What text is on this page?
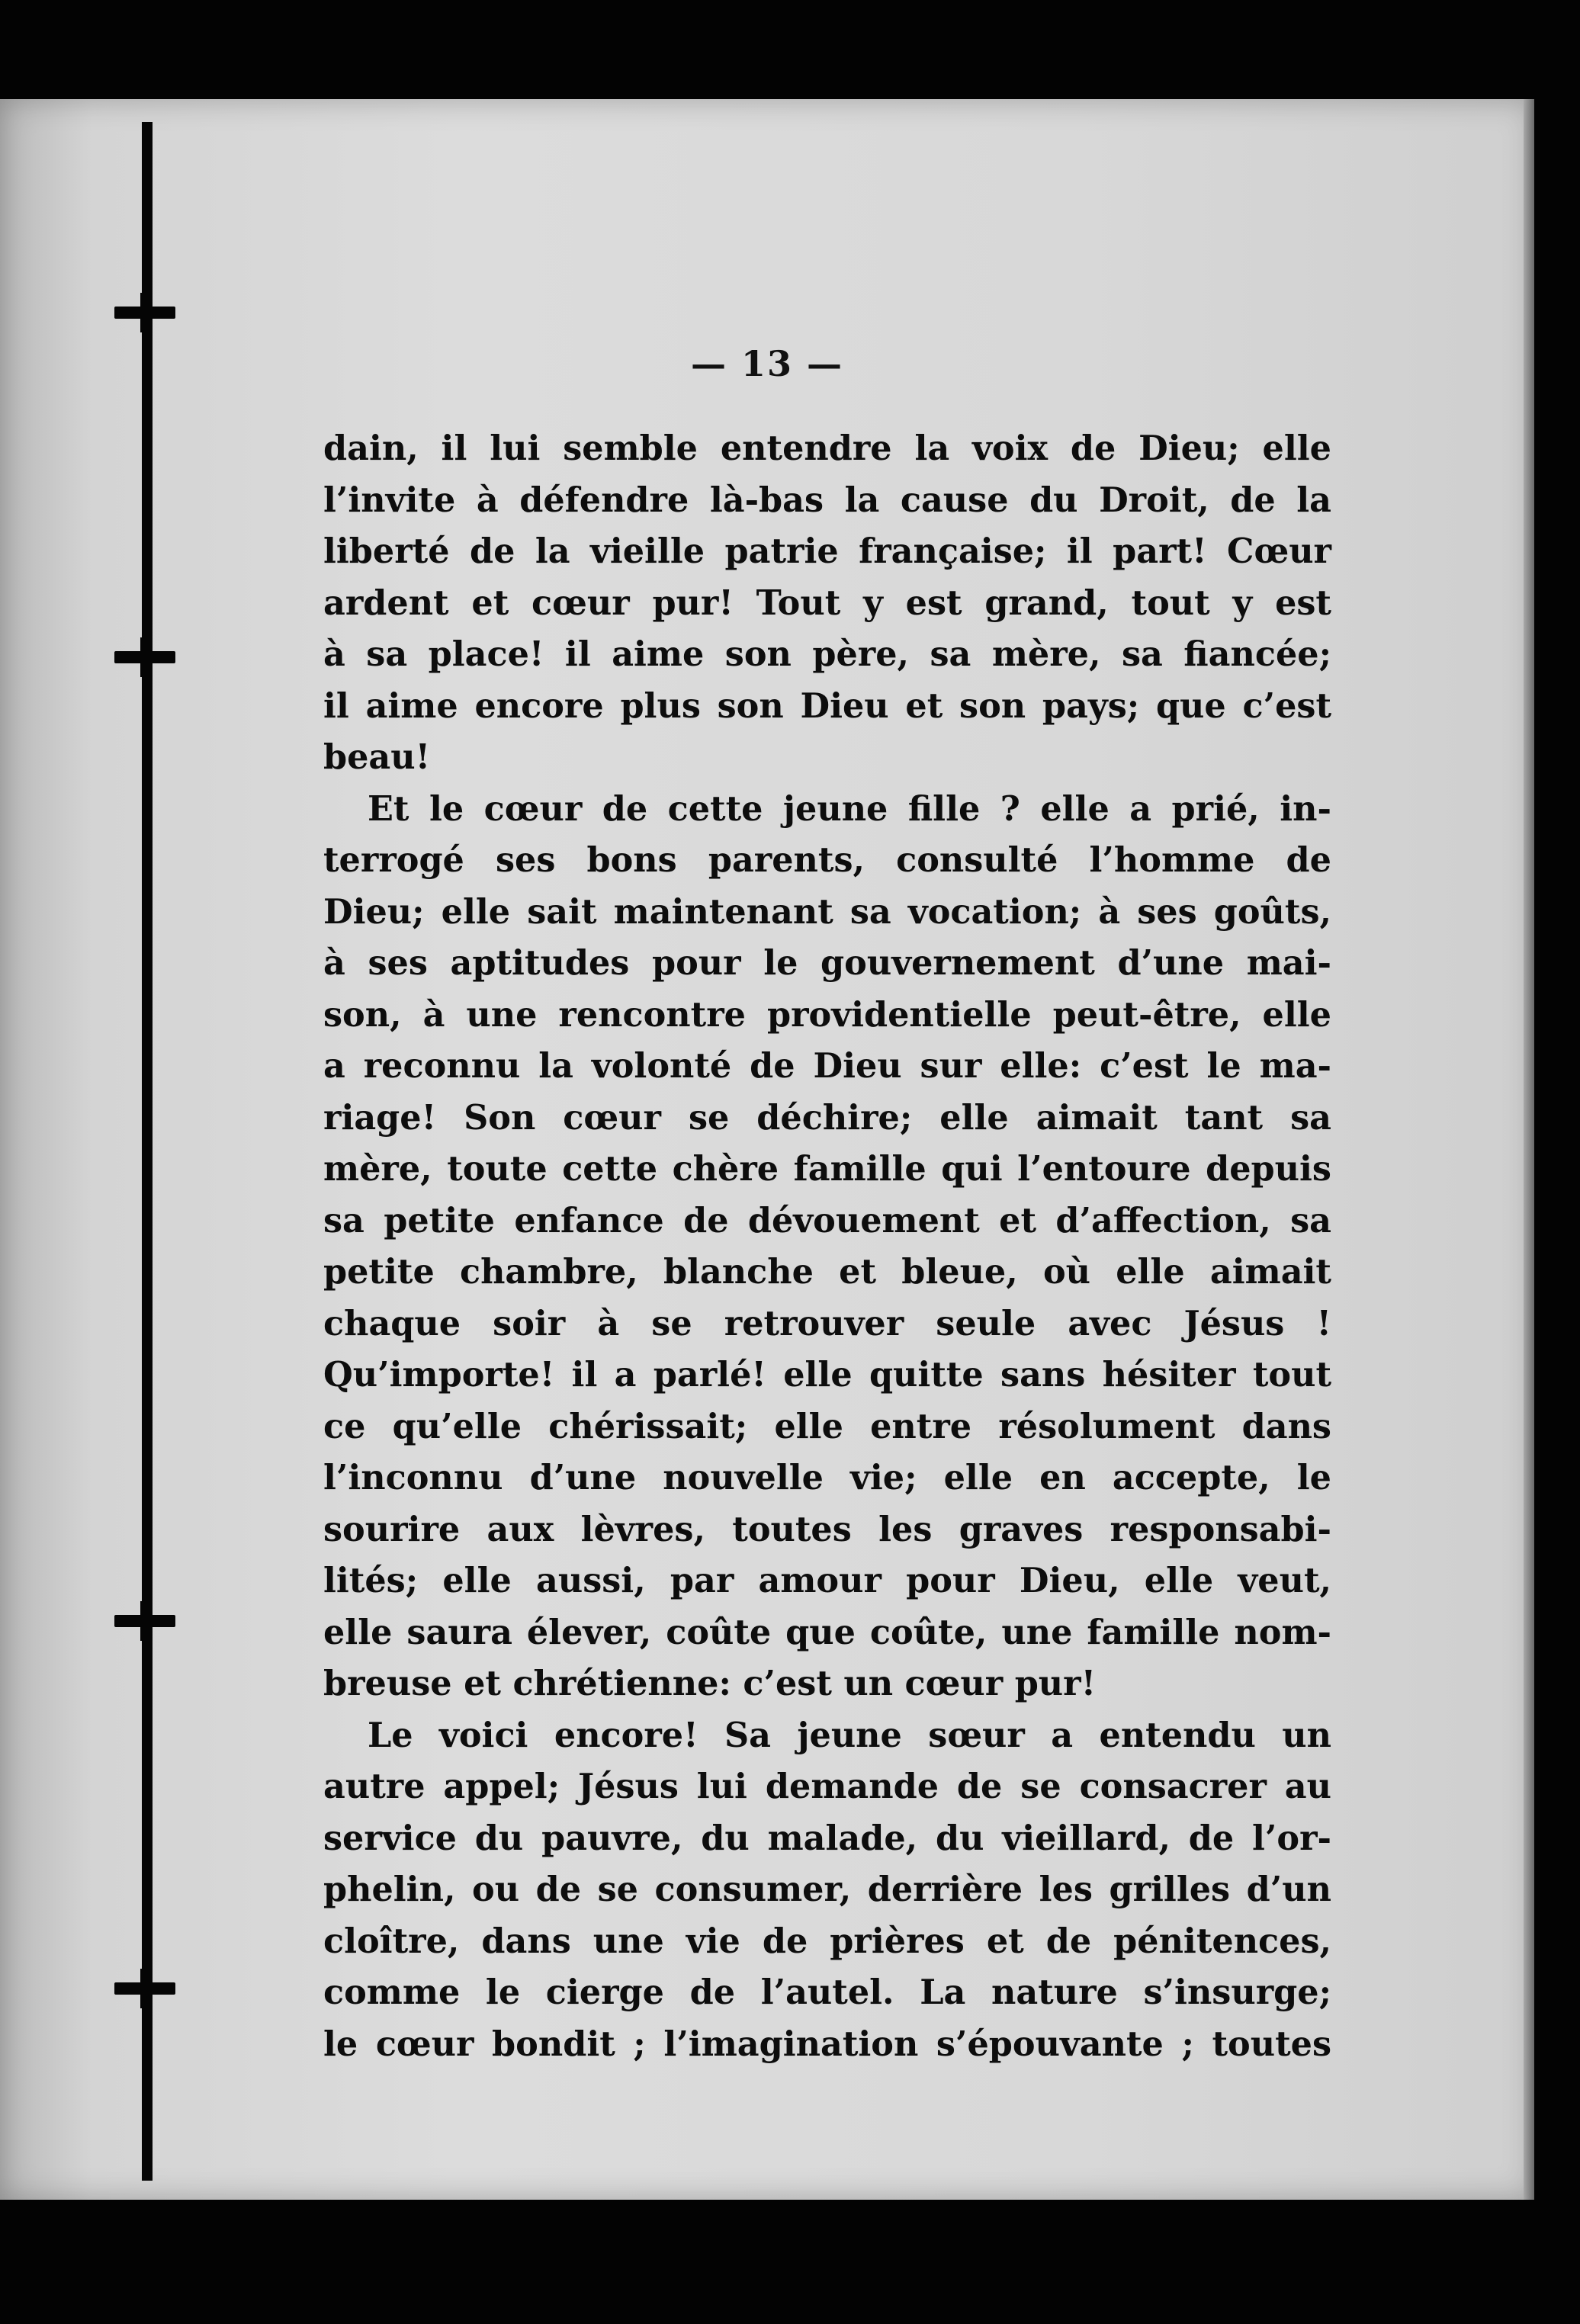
— 13 —
dain, il lui semble entendre la voix de Dieu; elle
l’invite à défendre là-bas la cause du Droit, de la
liberté de la vieille patrie française; il part! Cœur
ardent et cœur pur! Tout y est grand, tout y est
à sa place! il aime son père, sa mère, sa fiancée;
il aime encore plus son Dieu et son pays; que c’est
beau!
Et le cœur de cette jeune fille ? elle a prié, in-
terrogé ses bons parents, consulté l’homme de
Dieu; elle sait maintenant sa vocation; à ses goûts,
à ses aptitudes pour le gouvernement d’une mai-
son, à une rencontre providentielle peut-être, elle
a reconnu la volonté de Dieu sur elle: c’est le ma-
riage! Son cœur se déchire; elle aimait tant sa
mère, toute cette chère famille qui l’entoure depuis
sa petite enfance de dévouement et d’affection, sa
petite chambre, blanche et bleue, où elle aimait
chaque soir à se retrouver seule avec Jésus !
Qu’importe! il a parlé! elle quitte sans hésiter tout
ce qu’elle chérissait; elle entre résolument dans
l’inconnu d’une nouvelle vie; elle en accepte, le
sourire aux lèvres, toutes les graves responsabi-
lités; elle aussi, par amour pour Dieu, elle veut,
elle saura élever, coûte que coûte, une famille nom-
breuse et chrétienne: c’est un cœur pur!
Le voici encore! Sa jeune sœur a entendu un
autre appel; Jésus lui demande de se consacrer au
service du pauvre, du malade, du vieillard, de l’or-
phelin, ou de se consumer, derrière les grilles d’un
cloître, dans une vie de prières et de pénitences,
comme le cierge de l’autel. La nature s’insurge;
le cœur bondit ; l’imagination s’épouvante ; toutes
